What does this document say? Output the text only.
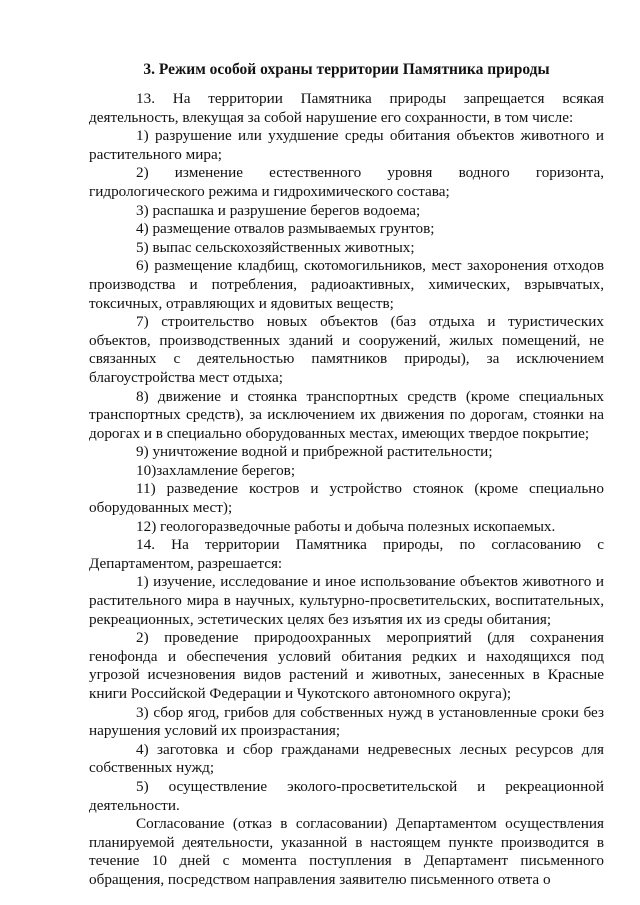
3. Режим особой охраны территории Памятника природы

13. На территории Памятника природы запрещается всякая деятельность, влекущая за собой нарушение его сохранности, в том числе:

1) разрушение или ухудшение среды обитания объектов животного и растительного мира;

2) изменение естественного уровня водного горизонта, гидрологического режима и гидрохимического состава;

3) распашка и разрушение берегов водоема;

4) размещение отвалов размываемых грунтов;

5) выпас сельскохозяйственных животных;

6) размещение кладбищ, скотомогильников, мест захоронения отходов производства и потребления, радиоактивных, химических, взрывчатых, токсичных, отравляющих и ядовитых веществ;

7) строительство новых объектов (баз отдыха и туристических объектов, производственных зданий и сооружений, жилых помещений, не связанных с деятельностью памятников природы), за исключением благоустройства мест отдыха;

8) движение и стоянка транспортных средств (кроме специальных транспортных средств), за исключением их движения по дорогам, стоянки на дорогах и в специально оборудованных местах, имеющих твердое покрытие;

9) уничтожение водной и прибрежной растительности;

10)захламление берегов;

11) разведение костров и устройство стоянок (кроме специально оборудованных мест);

12) геологоразведочные работы и добыча полезных ископаемых.

14. На территории Памятника природы, по согласованию с Департаментом, разрешается:

1) изучение, исследование и иное использование объектов животного и растительного мира в научных, культурно-просветительских, воспитательных, рекреационных, эстетических целях без изъятия их из среды обитания;

2) проведение природоохранных мероприятий (для сохранения генофонда и обеспечения условий обитания редких и находящихся под угрозой исчезновения видов растений и животных, занесенных в Красные книги Российской Федерации и Чукотского автономного округа);

3) сбор ягод, грибов для собственных нужд в установленные сроки без нарушения условий их произрастания;

4) заготовка и сбор гражданами недревесных лесных ресурсов для собственных нужд;

5) осуществление эколого-просветительской и рекреационной деятельности.

Согласование (отказ в согласовании) Департаментом осуществления планируемой деятельности, указанной в настоящем пункте производится в течение 10 дней с момента поступления в Департамент письменного обращения, посредством направления заявителю письменного ответа о
